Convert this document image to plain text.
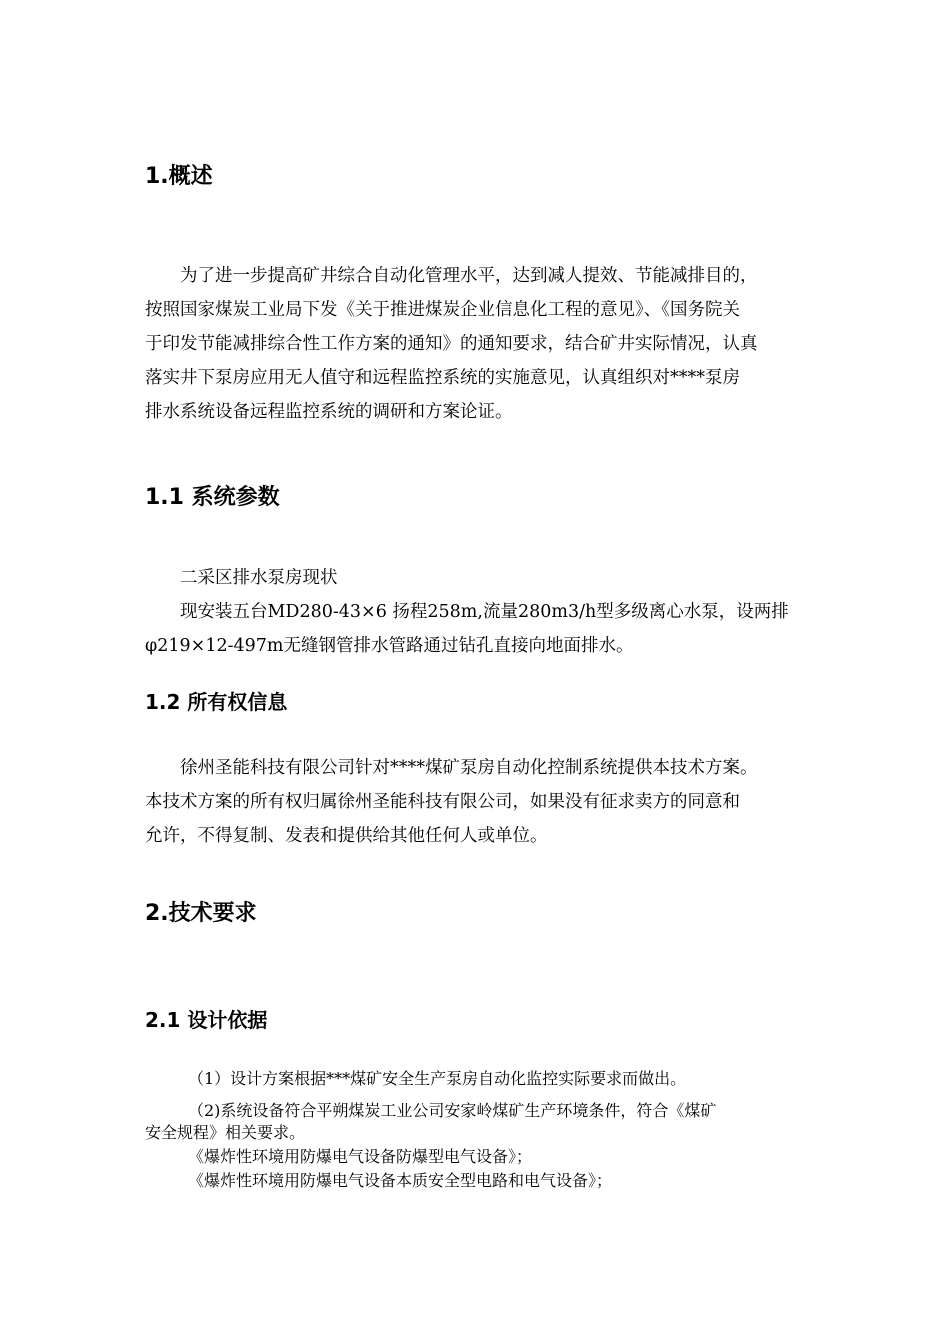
1.概述
为了进一步提高矿井综合自动化管理水平，达到减人提效、节能减排目的，
按照国家煤炭工业局下发《关于推进煤炭企业信息化工程的意见》、《国务院关
于印发节能减排综合性工作方案的通知》的通知要求，结合矿井实际情况，认真
落实井下泵房应用无人值守和远程监控系统的实施意见，认真组织对****泵房
排水系统设备远程监控系统的调研和方案论证。
1.1 系统参数
二采区排水泵房现状
现安装五台MD280-43×6 扬程258m,流量280m3/h型多级离心水泵，设两排
φ219×12-497m无缝钢管排水管路通过钻孔直接向地面排水。
1.2 所有权信息
徐州圣能科技有限公司针对****煤矿泵房自动化控制系统提供本技术方案。
本技术方案的所有权归属徐州圣能科技有限公司，如果没有征求卖方的同意和
允许，不得复制、发表和提供给其他任何人或单位。
2.技术要求
2.1 设计依据
（1）设计方案根据***煤矿安全生产泵房自动化监控实际要求而做出。
（2)系统设备符合平朔煤炭工业公司安家岭煤矿生产环境条件，符合《煤矿
安全规程》相关要求。
《爆炸性环境用防爆电气设备防爆型电气设备》；
《爆炸性环境用防爆电气设备本质安全型电路和电气设备》；
